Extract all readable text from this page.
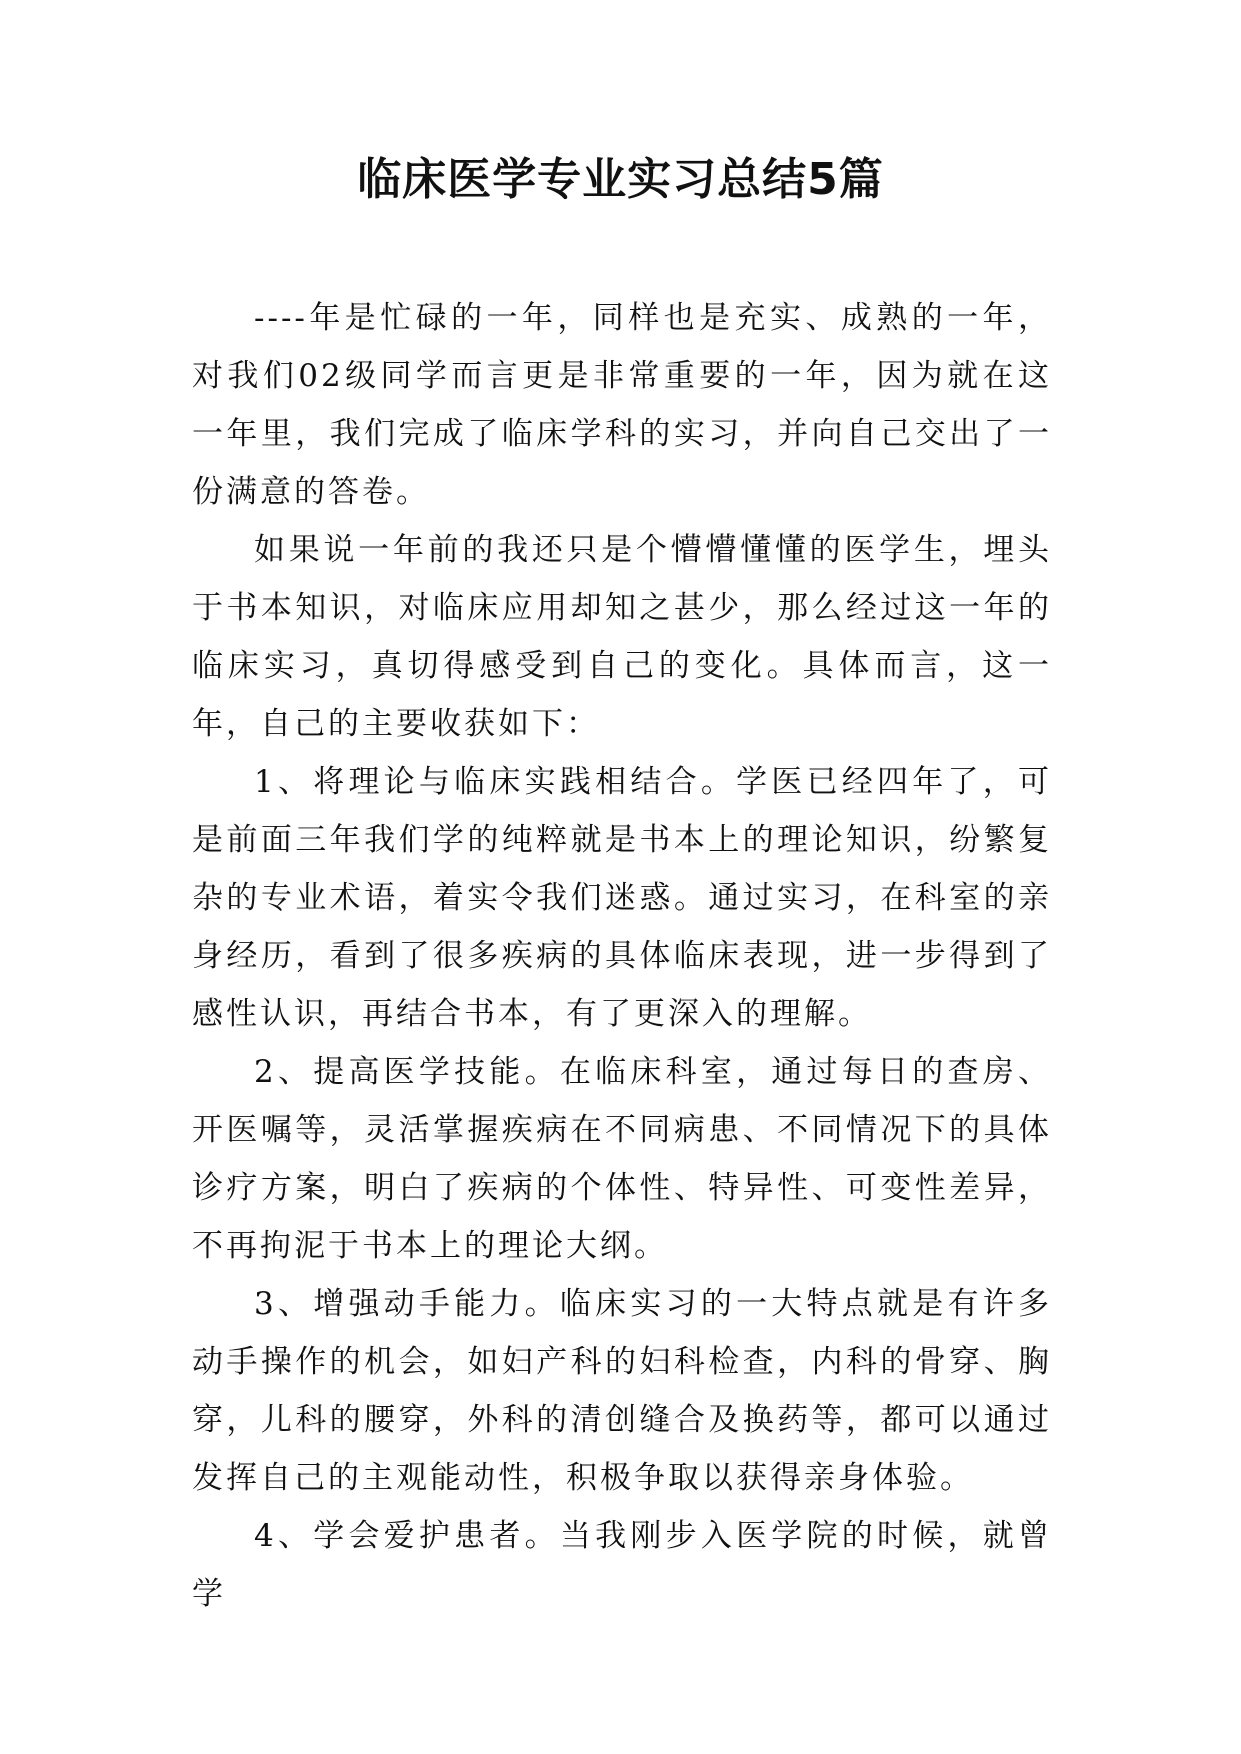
临床医学专业实习总结5篇

----年是忙碌的一年，同样也是充实、成熟的一年，对我们02级同学而言更是非常重要的一年，因为就在这一年里，我们完成了临床学科的实习，并向自己交出了一份满意的答卷。

如果说一年前的我还只是个懵懵懂懂的医学生，埋头于书本知识，对临床应用却知之甚少，那么经过这一年的临床实习，真切得感受到自己的变化。具体而言，这一年，自己的主要收获如下：

1、将理论与临床实践相结合。学医已经四年了，可是前面三年我们学的纯粹就是书本上的理论知识，纷繁复杂的专业术语，着实令我们迷惑。通过实习，在科室的亲身经历，看到了很多疾病的具体临床表现，进一步得到了感性认识，再结合书本，有了更深入的理解。

2、提高医学技能。在临床科室，通过每日的查房、开医嘱等，灵活掌握疾病在不同病患、不同情况下的具体诊疗方案，明白了疾病的个体性、特异性、可变性差异，不再拘泥于书本上的理论大纲。

3、增强动手能力。临床实习的一大特点就是有许多动手操作的机会，如妇产科的妇科检查，内科的骨穿、胸穿，儿科的腰穿，外科的清创缝合及换药等，都可以通过发挥自己的主观能动性，积极争取以获得亲身体验。

4、学会爱护患者。当我刚步入医学院的时候，就曾学
